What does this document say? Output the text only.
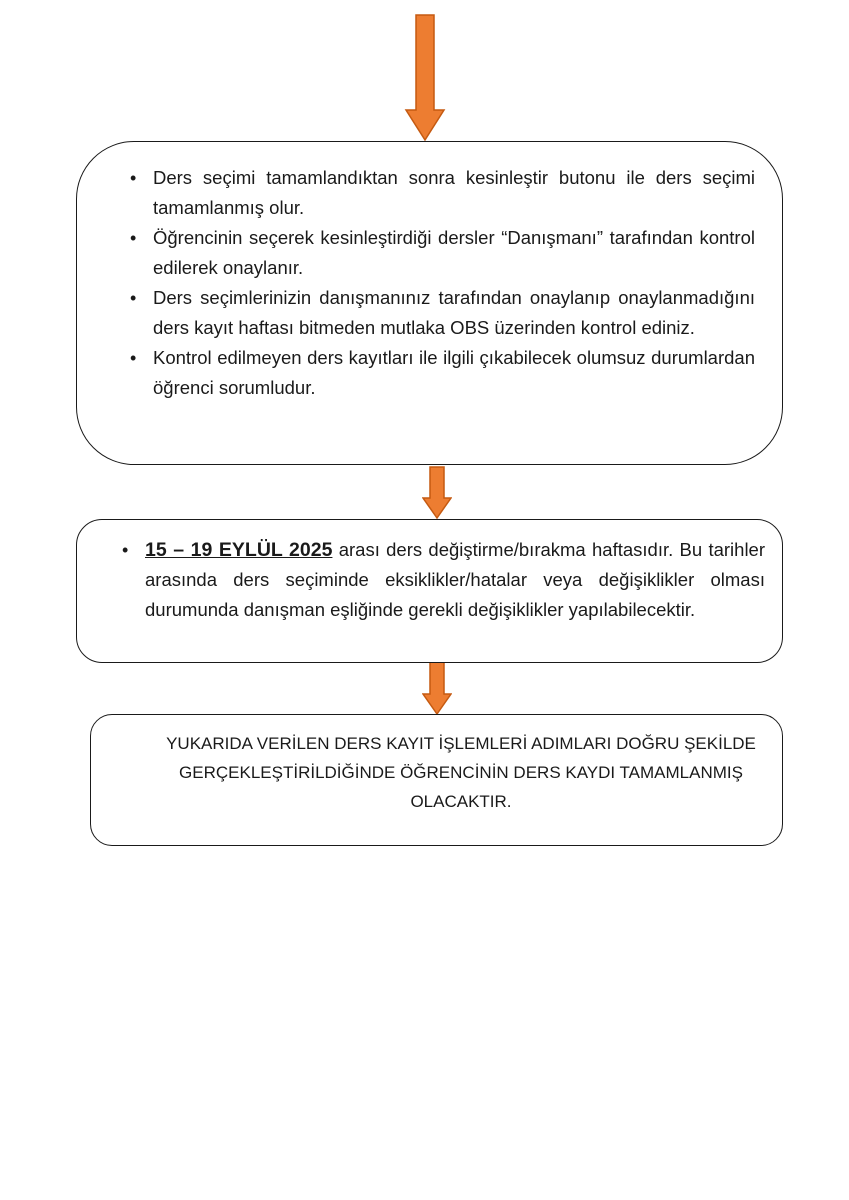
• Ders seçimi tamamlandıktan sonra kesinleştir butonu ile ders seçimi tamamlanmış olur.
• Öğrencinin seçerek kesinleştirdiği dersler “Danışmanı” tarafından kontrol edilerek onaylanır.
• Ders seçimlerinizin danışmanınız tarafından onaylanıp onaylanmadığını ders kayıt haftası bitmeden mutlaka OBS üzerinden kontrol ediniz.
• Kontrol edilmeyen ders kayıtları ile ilgili çıkabilecek olumsuz durumlardan öğrenci sorumludur.
• 15 – 19 EYLÜL 2025 arası ders değiştirme/bırakma haftasıdır. Bu tarihler arasında ders seçiminde eksiklikler/hatalar veya değişiklikler olması durumunda danışman eşliğinde gerekli değişiklikler yapılabilecektir.
YUKARIDA VERİLEN DERS KAYIT İŞLEMLERİ ADIMLARI DOĞRU ŞEKİLDE GERÇEKLEŞTİRİLDİĞİNDE ÖĞRENCİNİN DERS KAYDI TAMAMLANMIŞ OLACAKTIR.
